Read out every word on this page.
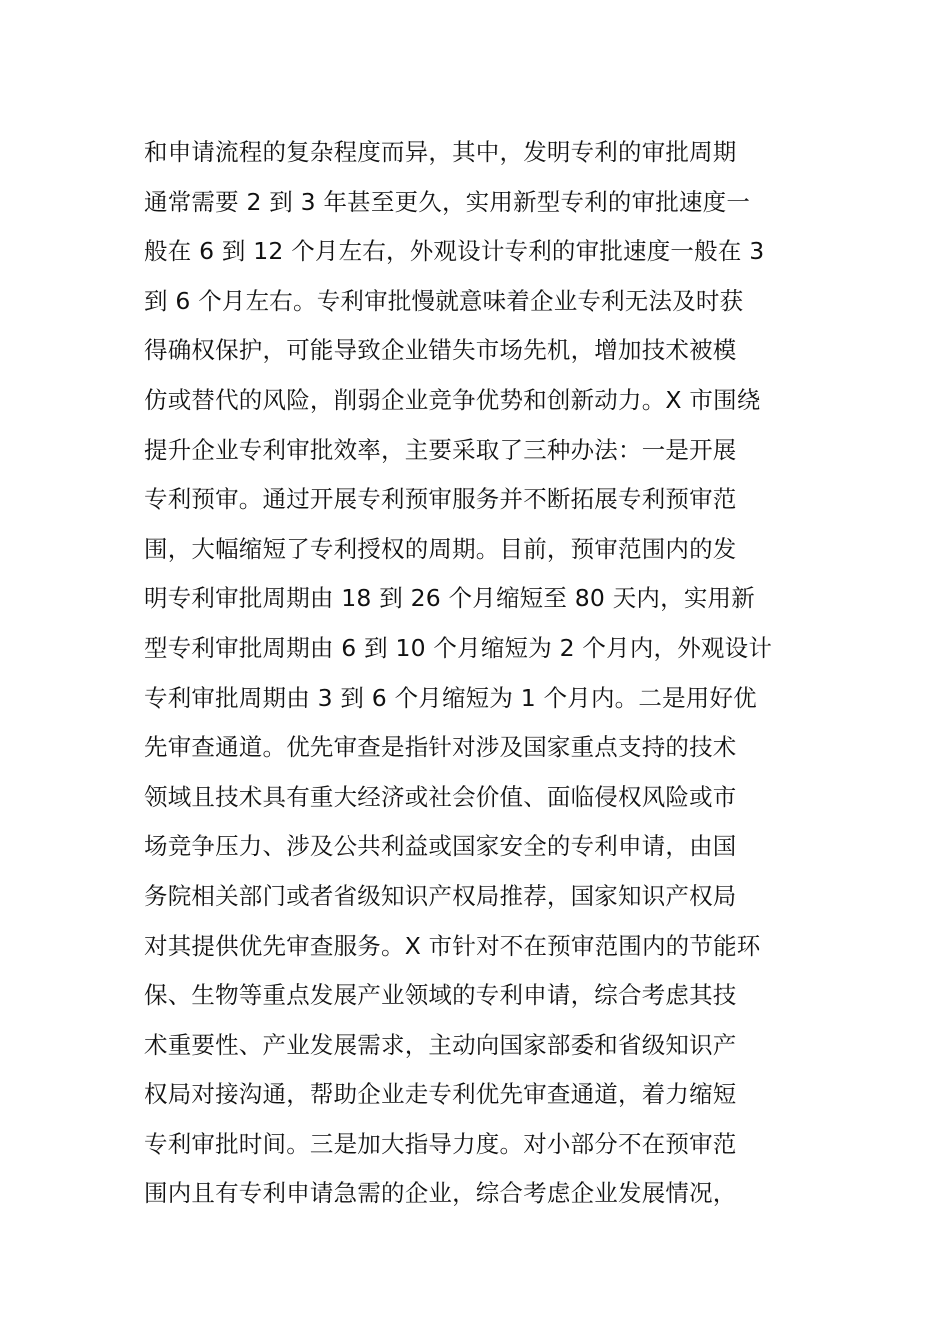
和申请流程的复杂程度而异，其中，发明专利的审批周期
通常需要 2 到 3 年甚至更久，实用新型专利的审批速度一
般在 6 到 12 个月左右，外观设计专利的审批速度一般在 3
到 6 个月左右。专利审批慢就意味着企业专利无法及时获
得确权保护，可能导致企业错失市场先机，增加技术被模
仿或替代的风险，削弱企业竞争优势和创新动力。X 市围绕
提升企业专利审批效率，主要采取了三种办法：一是开展
专利预审。通过开展专利预审服务并不断拓展专利预审范
围，大幅缩短了专利授权的周期。目前，预审范围内的发
明专利审批周期由 18 到 26 个月缩短至 80 天内，实用新
型专利审批周期由 6 到 10 个月缩短为 2 个月内，外观设计
专利审批周期由 3 到 6 个月缩短为 1 个月内。二是用好优
先审查通道。优先审查是指针对涉及国家重点支持的技术
领域且技术具有重大经济或社会价值、面临侵权风险或市
场竞争压力、涉及公共利益或国家安全的专利申请，由国
务院相关部门或者省级知识产权局推荐，国家知识产权局
对其提供优先审查服务。X 市针对不在预审范围内的节能环
保、生物等重点发展产业领域的专利申请，综合考虑其技
术重要性、产业发展需求，主动向国家部委和省级知识产
权局对接沟通，帮助企业走专利优先审查通道，着力缩短
专利审批时间。三是加大指导力度。对小部分不在预审范
围内且有专利申请急需的企业，综合考虑企业发展情况，
